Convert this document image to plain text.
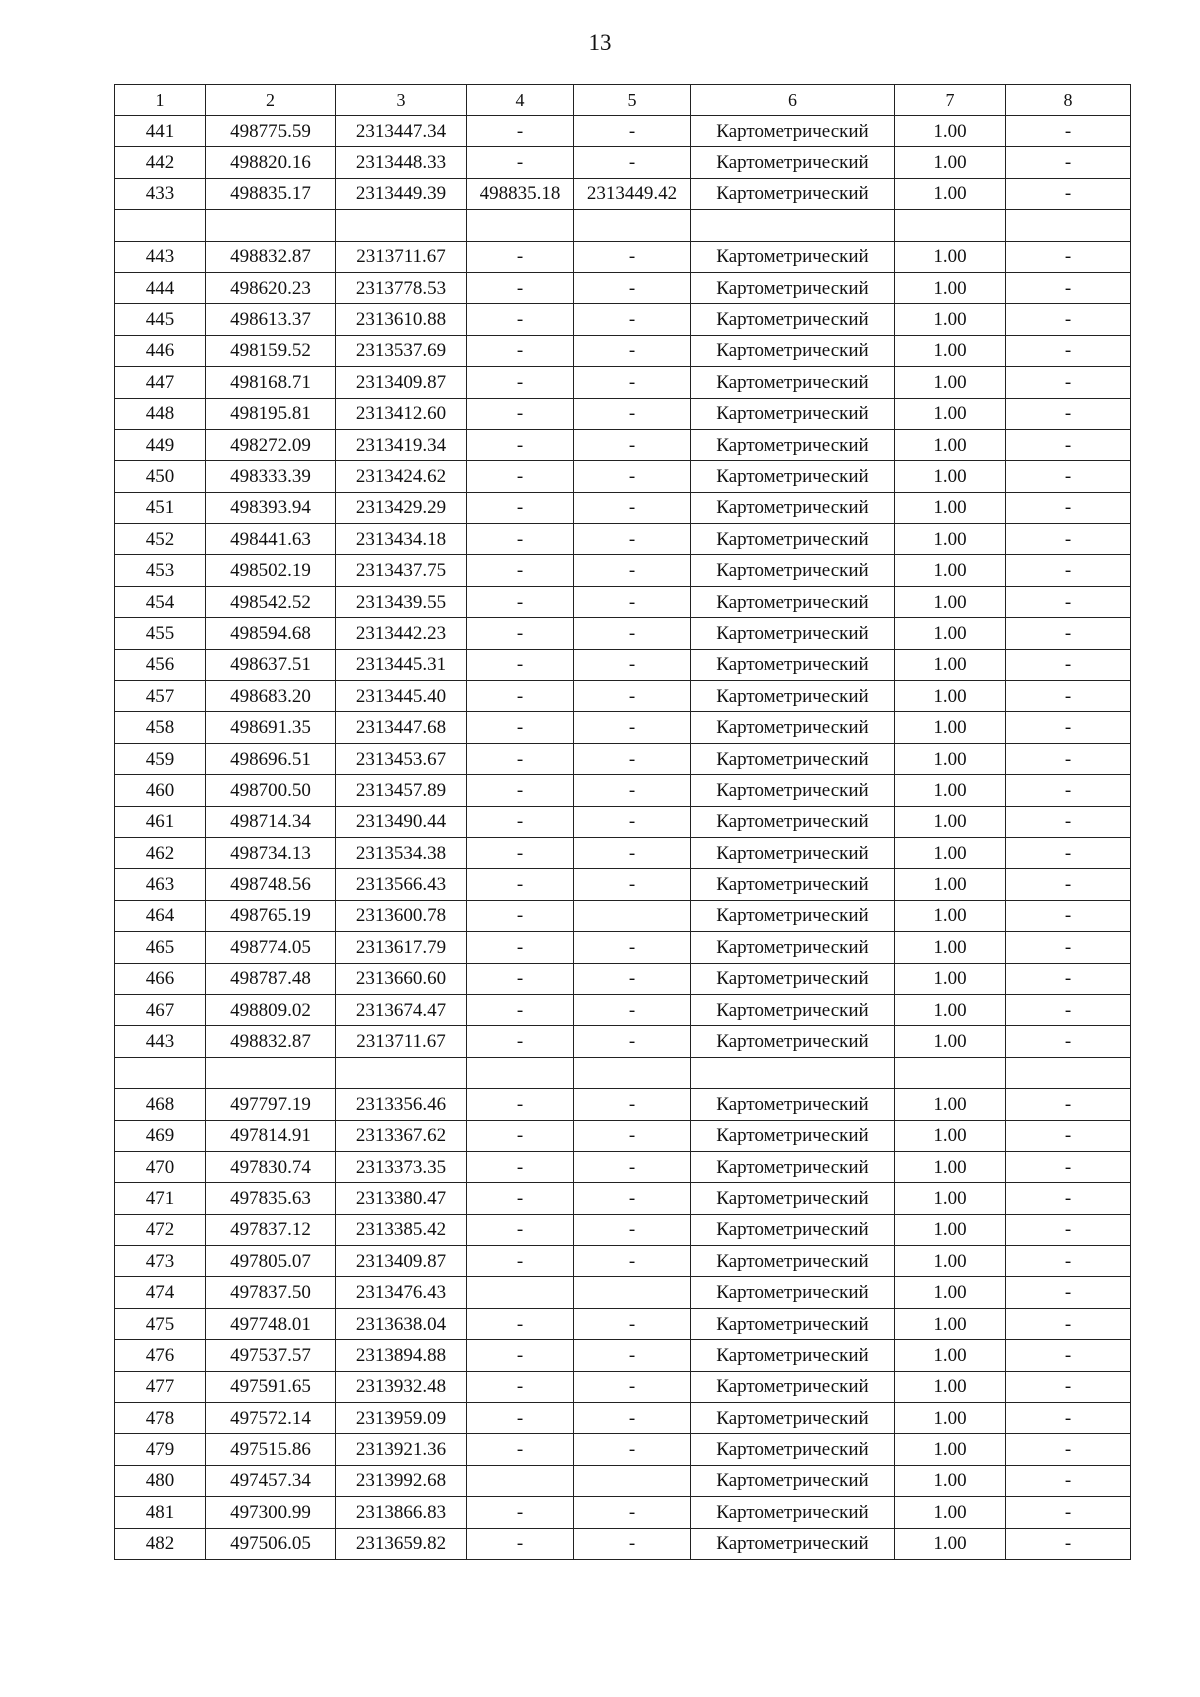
13
1	2	3	4	5	6	7	8
441	498775.59	2313447.34	-	-	Картометрический	1.00	-
442	498820.16	2313448.33	-	-	Картометрический	1.00	-
433	498835.17	2313449.39	498835.18	2313449.42	Картометрический	1.00	-

443	498832.87	2313711.67	-	-	Картометрический	1.00	-
444	498620.23	2313778.53	-	-	Картометрический	1.00	-
445	498613.37	2313610.88	-	-	Картометрический	1.00	-
446	498159.52	2313537.69	-	-	Картометрический	1.00	-
447	498168.71	2313409.87	-	-	Картометрический	1.00	-
448	498195.81	2313412.60	-	-	Картометрический	1.00	-
449	498272.09	2313419.34	-	-	Картометрический	1.00	-
450	498333.39	2313424.62	-	-	Картометрический	1.00	-
451	498393.94	2313429.29	-	-	Картометрический	1.00	-
452	498441.63	2313434.18	-	-	Картометрический	1.00	-
453	498502.19	2313437.75	-	-	Картометрический	1.00	-
454	498542.52	2313439.55	-	-	Картометрический	1.00	-
455	498594.68	2313442.23	-	-	Картометрический	1.00	-
456	498637.51	2313445.31	-	-	Картометрический	1.00	-
457	498683.20	2313445.40	-	-	Картометрический	1.00	-
458	498691.35	2313447.68	-	-	Картометрический	1.00	-
459	498696.51	2313453.67	-	-	Картометрический	1.00	-
460	498700.50	2313457.89	-	-	Картометрический	1.00	-
461	498714.34	2313490.44	-	-	Картометрический	1.00	-
462	498734.13	2313534.38	-	-	Картометрический	1.00	-
463	498748.56	2313566.43	-	-	Картометрический	1.00	-
464	498765.19	2313600.78	-		Картометрический	1.00	-
465	498774.05	2313617.79	-	-	Картометрический	1.00	-
466	498787.48	2313660.60	-	-	Картометрический	1.00	-
467	498809.02	2313674.47	-	-	Картометрический	1.00	-
443	498832.87	2313711.67	-	-	Картометрический	1.00	-

468	497797.19	2313356.46	-	-	Картометрический	1.00	-
469	497814.91	2313367.62	-	-	Картометрический	1.00	-
470	497830.74	2313373.35	-	-	Картометрический	1.00	-
471	497835.63	2313380.47	-	-	Картометрический	1.00	-
472	497837.12	2313385.42	-	-	Картометрический	1.00	-
473	497805.07	2313409.87	-	-	Картометрический	1.00	-
474	497837.50	2313476.43			Картометрический	1.00	-
475	497748.01	2313638.04	-	-	Картометрический	1.00	-
476	497537.57	2313894.88	-	-	Картометрический	1.00	-
477	497591.65	2313932.48	-	-	Картометрический	1.00	-
478	497572.14	2313959.09	-	-	Картометрический	1.00	-
479	497515.86	2313921.36	-	-	Картометрический	1.00	-
480	497457.34	2313992.68			Картометрический	1.00	-
481	497300.99	2313866.83	-	-	Картометрический	1.00	-
482	497506.05	2313659.82	-	-	Картометрический	1.00	-
